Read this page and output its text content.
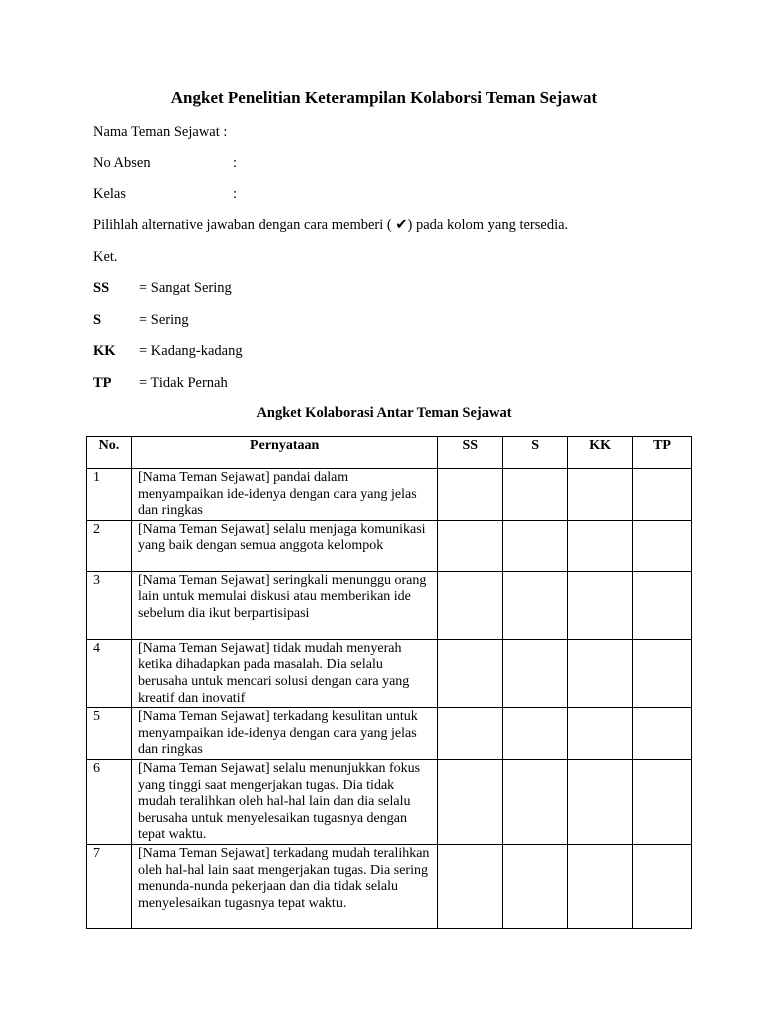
Angket Penelitian Keterampilan Kolaborsi Teman Sejawat
Nama Teman Sejawat :
No Absen	:
Kelas	:
Pilihlah alternative jawaban dengan cara memberi ( ✔) pada kolom yang tersedia.
Ket.
SS = Sangat Sering
S	= Sering
KK = Kadang-kadang
TP = Tidak Pernah
Angket Kolaborasi Antar Teman Sejawat
No.	Pernyataan	SS	S	KK	TP
1	[Nama Teman Sejawat] pandai dalam menyampaikan ide-idenya dengan cara yang jelas dan ringkas				
2	[Nama Teman Sejawat] selalu menjaga komunikasi yang baik dengan semua anggota kelompok				
3	[Nama Teman Sejawat] seringkali menunggu orang lain untuk memulai diskusi atau memberikan ide sebelum dia ikut berpartisipasi				
4	[Nama Teman Sejawat] tidak mudah menyerah ketika dihadapkan pada masalah. Dia selalu berusaha untuk mencari solusi dengan cara yang kreatif dan inovatif				
5	[Nama Teman Sejawat] terkadang kesulitan untuk menyampaikan ide-idenya dengan cara yang jelas dan ringkas				
6	[Nama Teman Sejawat] selalu menunjukkan fokus yang tinggi saat mengerjakan tugas. Dia tidak mudah teralihkan oleh hal-hal lain dan dia selalu berusaha untuk menyelesaikan tugasnya dengan tepat waktu.				
7	[Nama Teman Sejawat] terkadang mudah teralihkan oleh hal-hal lain saat mengerjakan tugas. Dia sering menunda-nunda pekerjaan dan dia tidak selalu menyelesaikan tugasnya tepat waktu.				
